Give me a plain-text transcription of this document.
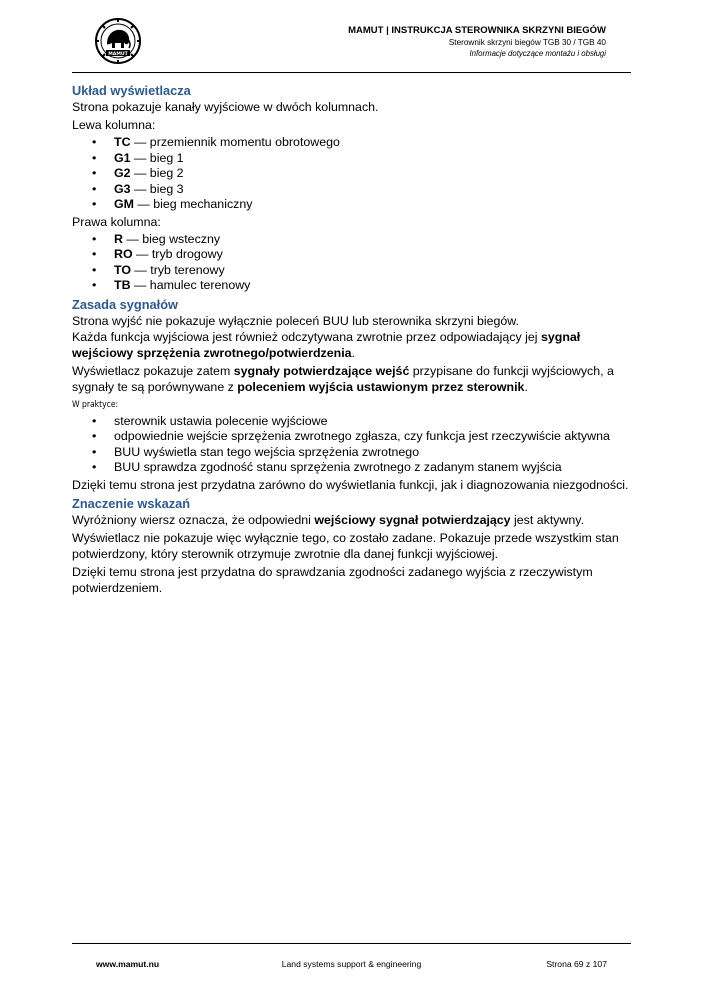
MAMUT
MAMUT | INSTRUKCJA STEROWNIKA SKRZYNI BIEGÓW
Sterownik skrzyni biegów TGB 30 / TGB 40
Informacje dotyczące montażu i obsługi
Układ wyświetlacza

Strona pokazuje kanały wyjściowe w dwóch kolumnach.

Lewa kolumna:

• TC — przemiennik momentu obrotowego
• G1 — bieg 1
• G2 — bieg 2
• G3 — bieg 3
• GM — bieg mechaniczny

Prawa kolumna:

• R — bieg wsteczny
• RO — tryb drogowy
• TO — tryb terenowy
• TB — hamulec terenowy
Zasada sygnałów

Strona wyjść nie pokazuje wyłącznie poleceń BUU lub sterownika skrzyni biegów.

Każda funkcja wyjściowa jest również odczytywana zwrotnie przez odpowiadający jej sygnał wejściowy sprzężenia zwrotnego/potwierdzenia.

Wyświetlacz pokazuje zatem sygnały potwierdzające wejść przypisane do funkcji wyjściowych, a sygnały te są porównywane z poleceniem wyjścia ustawionym przez sterownik.

W praktyce:
• sterownik ustawia polecenie wyjściowe
• odpowiednie wejście sprzężenia zwrotnego zgłasza, czy funkcja jest rzeczywiście aktywna
• BUU wyświetla stan tego wejścia sprzężenia zwrotnego
• BUU sprawdza zgodność stanu sprzężenia zwrotnego z zadanym stanem wyjścia

Dzięki temu strona jest przydatna zarówno do wyświetlania funkcji, jak i diagnozowania niezgodności.

Znaczenie wskazań

Wyróżniony wiersz oznacza, że odpowiedni wejściowy sygnał potwierdzający jest aktywny.

Wyświetlacz nie pokazuje więc wyłącznie tego, co zostało zadane. Pokazuje przede wszystkim stan potwierdzony, który sterownik otrzymuje zwrotnie dla danej funkcji wyjściowej.

Dzięki temu strona jest przydatna do sprawdzania zgodności zadanego wyjścia z rzeczywistym potwierdzeniem.

www.mamut.nu	Land systems support & engineering	Strona 69 z 107
